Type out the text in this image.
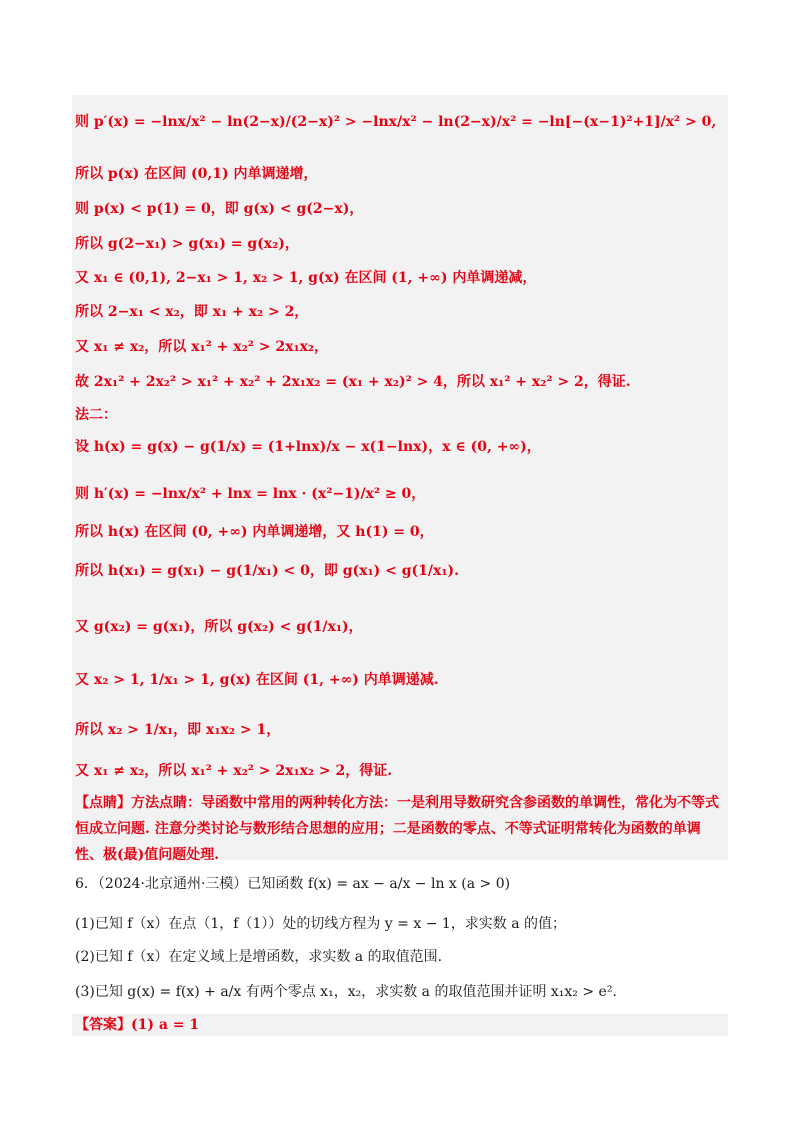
则 p′(x) = −lnx/x² − ln(2−x)/(2−x)² > −lnx/x² − ln(2−x)/x² = −ln[−(x−1)²+1]/x² > 0,
所以 p(x) 在区间 (0,1) 内单调递增，
则 p(x) < p(1) = 0，即 g(x) < g(2−x)，
所以 g(2−x₁) > g(x₁) = g(x₂)，
又 x₁ ∈ (0,1), 2−x₁ > 1, x₂ > 1, g(x) 在区间 (1, +∞) 内单调递减，
所以 2−x₁ < x₂，即 x₁ + x₂ > 2，
又 x₁ ≠ x₂，所以 x₁² + x₂² > 2x₁x₂，
故 2x₁² + 2x₂² > x₁² + x₂² + 2x₁x₂ = (x₁ + x₂)² > 4，所以 x₁² + x₂² > 2，得证.
法二：
设 h(x) = g(x) − g(1/x) = (1+lnx)/x − x(1−lnx)，x ∈ (0, +∞)，
则 h′(x) = −lnx/x² + lnx = lnx · (x²−1)/x² ≥ 0，
所以 h(x) 在区间 (0, +∞) 内单调递增，又 h(1) = 0，
所以 h(x₁) = g(x₁) − g(1/x₁) < 0，即 g(x₁) < g(1/x₁).
又 g(x₂) = g(x₁)，所以 g(x₂) < g(1/x₁)，
又 x₂ > 1, 1/x₁ > 1, g(x) 在区间 (1, +∞) 内单调递减.
所以 x₂ > 1/x₁，即 x₁x₂ > 1，
又 x₁ ≠ x₂，所以 x₁² + x₂² > 2x₁x₂ > 2，得证.
【点睛】方法点睛：导函数中常用的两种转化方法：一是利用导数研究含参函数的单调性，常化为不等式恒成立问题. 注意分类讨论与数形结合思想的应用；二是函数的零点、不等式证明常转化为函数的单调性、极(最)值问题处理.
6．（2024·北京通州·三模）已知函数 f(x) = ax − a/x − ln x (a > 0)
(1)已知 f（x）在点（1，f（1））处的切线方程为 y = x − 1，求实数 a 的值；
(2)已知 f（x）在定义域上是增函数，求实数 a 的取值范围.
(3)已知 g(x) = f(x) + a/x 有两个零点 x₁，x₂，求实数 a 的取值范围并证明 x₁x₂ > e².
【答案】(1) a = 1
